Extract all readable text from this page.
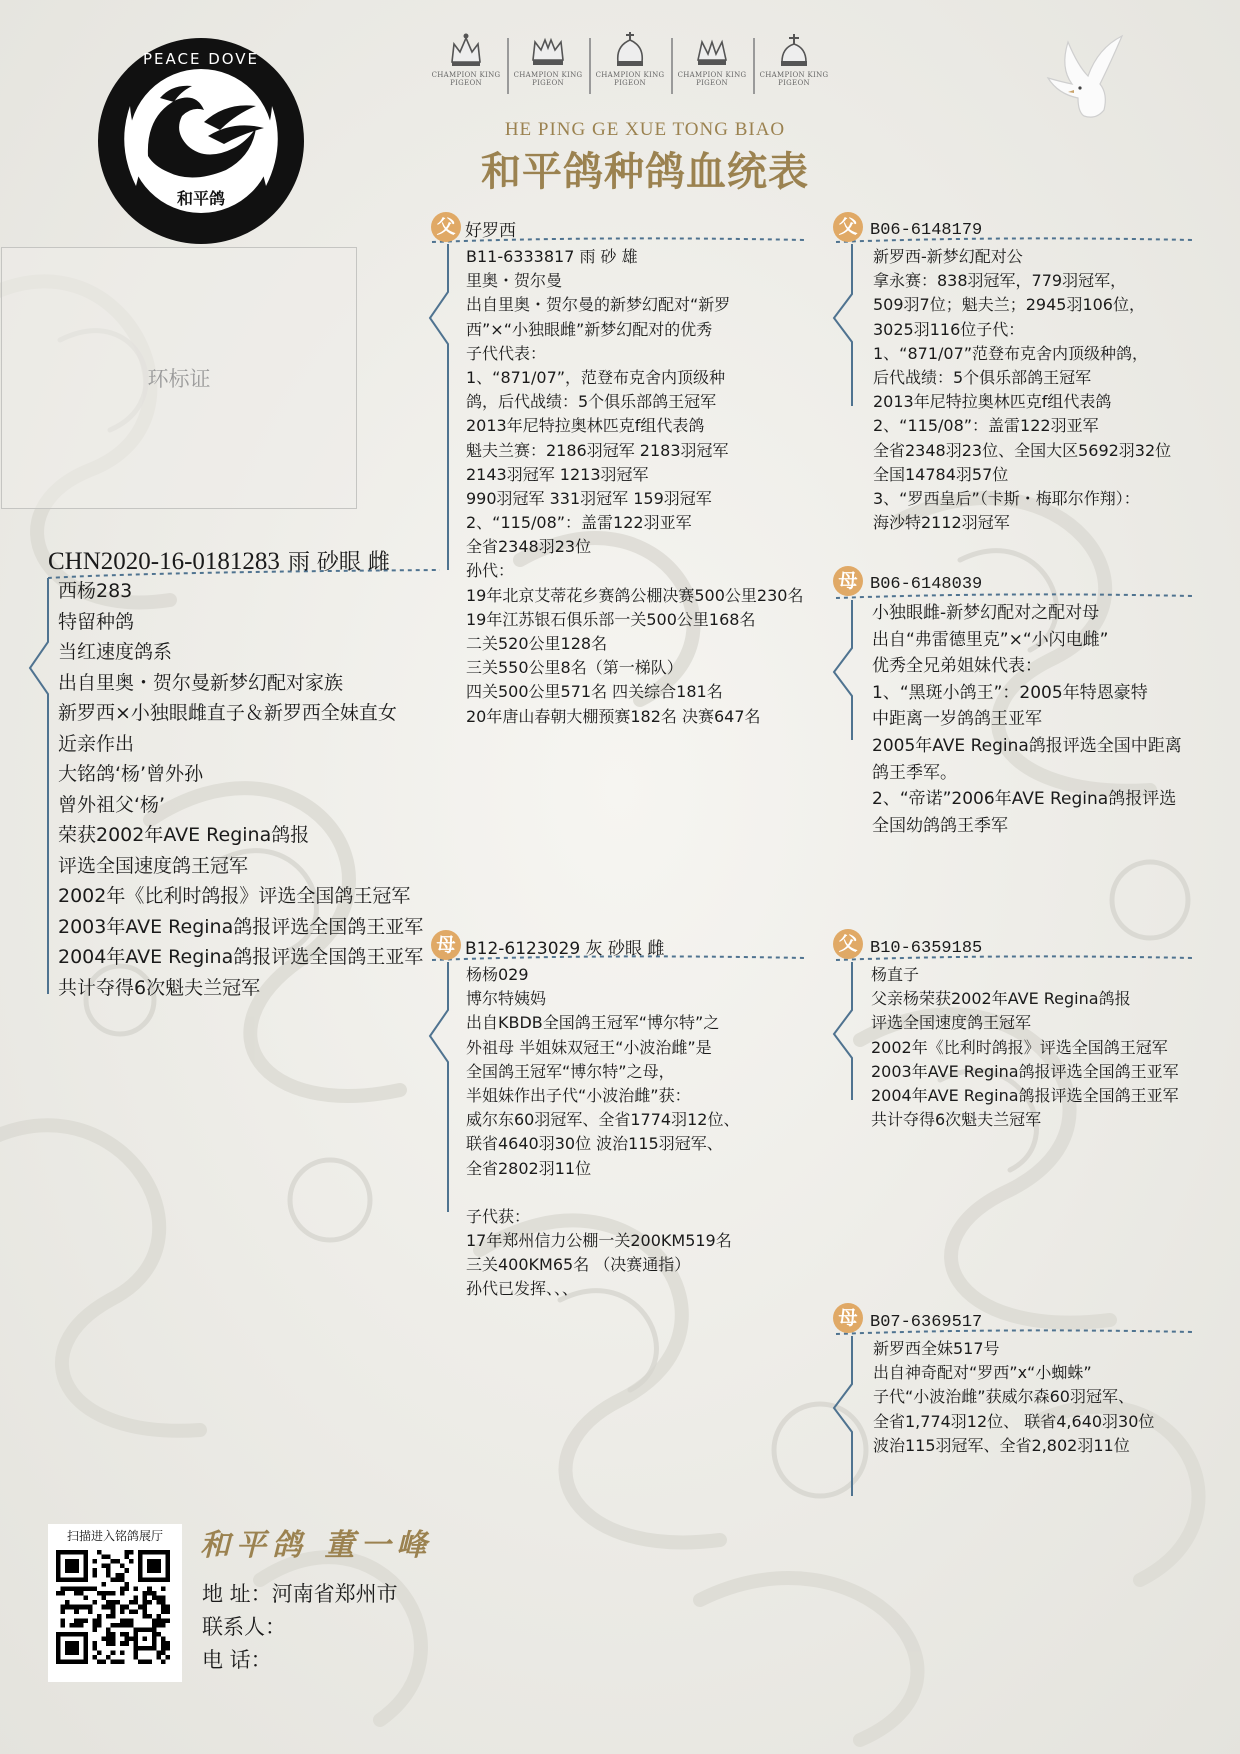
PEACE DOVE
和平鸽
CHAMPION KING PIGEON
CHAMPION KING PIGEON
CHAMPION KING PIGEON
CHAMPION KING PIGEON
CHAMPION KING PIGEON
HE PING GE XUE TONG BIAO
和平鸽种鸽血统表
环标证
CHN2020-16-0181283 雨 砂眼 雌
西杨283
特留种鸽
当红速度鸽系
出自里奥・贺尔曼新梦幻配对家族
新罗西×小独眼雌直子＆新罗西全妹直女
近亲作出
大铭鸽‘杨’曾外孙
曾外祖父‘杨’
荣获2002年AVE Regina鸽报
评选全国速度鸽王冠军
2002年《比利时鸽报》评选全国鸽王冠军
2003年AVE Regina鸽报评选全国鸽王亚军
2004年AVE Regina鸽报评选全国鸽王亚军
共计夺得6次魁夫兰冠军
父 好罗西
B11-6333817 雨 砂 雄
里奥・贺尔曼
出自里奥・贺尔曼的新梦幻配对“新罗
西”×“小独眼雌”新梦幻配对的优秀
子代代表：
1、“871/07”，范登布克舍内顶级种
鸽，后代战绩：5个俱乐部鸽王冠军
2013年尼特拉奥林匹克f组代表鸽
魁夫兰赛：2186羽冠军 2183羽冠军
2143羽冠军 1213羽冠军
990羽冠军 331羽冠军 159羽冠军
2、“115/08”：盖雷122羽亚军
全省2348羽23位
孙代：
19年北京艾蒂花乡赛鸽公棚决赛500公里230名
19年江苏银石俱乐部一关500公里168名
二关520公里128名
三关550公里8名（第一梯队）
四关500公里571名 四关综合181名
20年唐山春朝大棚预赛182名 决赛647名
母 B12-6123029 灰 砂眼 雌
杨杨029
博尔特姨妈
出自KBDB全国鸽王冠军“博尔特”之
外祖母 半姐妹双冠王“小波治雌”是
全国鸽王冠军“博尔特”之母，
半姐妹作出子代“小波治雌”获：
威尔东60羽冠军、全省1774羽12位、
联省4640羽30位 波治115羽冠军、
全省2802羽11位
子代获：
17年郑州信力公棚一关200KM519名
三关400KM65名 （决赛通指）
孙代已发挥、、、
父 B06-6148179
新罗西-新梦幻配对公
拿永赛：838羽冠军，779羽冠军，
509羽7位；魁夫兰；2945羽106位，
3025羽116位子代：
1、“871/07”范登布克舍内顶级种鸽，
后代战绩：5个俱乐部鸽王冠军
2013年尼特拉奥林匹克f组代表鸽
2、“115/08”：盖雷122羽亚军
全省2348羽23位、全国大区5692羽32位
全国14784羽57位
3、“罗西皇后”（卡斯・梅耶尔作翔）：
海沙特2112羽冠军
母 B06-6148039
小独眼雌-新梦幻配对之配对母
出自“弗雷德里克”×“小闪电雌”
优秀全兄弟姐妹代表：
1、“黑斑小鸽王”：2005年特恩豪特
中距离一岁鸽鸽王亚军
2005年AVE Regina鸽报评选全国中距离
鸽王季军。
2、“帝诺”2006年AVE Regina鸽报评选
全国幼鸽鸽王季军
父 B10-6359185
杨直子
父亲杨荣获2002年AVE Regina鸽报
评选全国速度鸽王冠军
2002年《比利时鸽报》评选全国鸽王冠军
2003年AVE Regina鸽报评选全国鸽王亚军
2004年AVE Regina鸽报评选全国鸽王亚军
共计夺得6次魁夫兰冠军
母 B07-6369517
新罗西全妹517号
出自神奇配对“罗西”x“小蜘蛛”
子代“小波治雌”获威尔森60羽冠军、
全省1,774羽12位、 联省4,640羽30位
波治115羽冠军、全省2,802羽11位
扫描进入铭鸽展厅	和平鸽 董一峰
地 址：河南省郑州市
联系人：
电 话：
